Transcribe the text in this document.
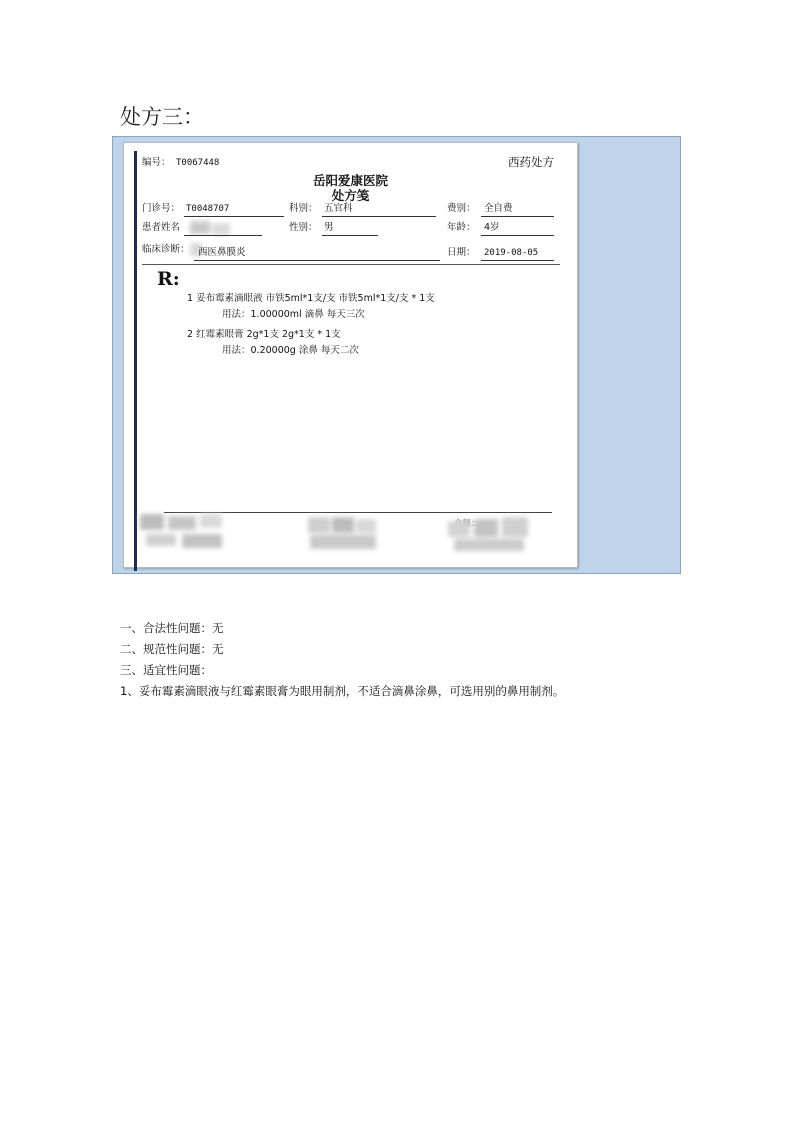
处方三：
编号： T0067448	西药处方
岳阳爱康医院
处方笺
门诊号： T0048707	科别： 五官科	费别： 全自费
患者姓名	性别： 男	年龄： 4岁
临床诊断： 西医鼻膜炎	日期： 2019-08-05
R:
1 妥布霉素滴眼液 市铁5ml*1支/支 市铁5ml*1支/支 * 1支
用法：1.00000ml 滴鼻 每天三次
2 红霉素眼膏 2g*1支 2g*1支 * 1支
用法：0.20000g 涂鼻 每天二次
一、合法性问题：无
二、规范性问题：无
三、适宜性问题：
1、妥布霉素滴眼液与红霉素眼膏为眼用制剂，不适合滴鼻涂鼻，可选用别的鼻用制剂。
